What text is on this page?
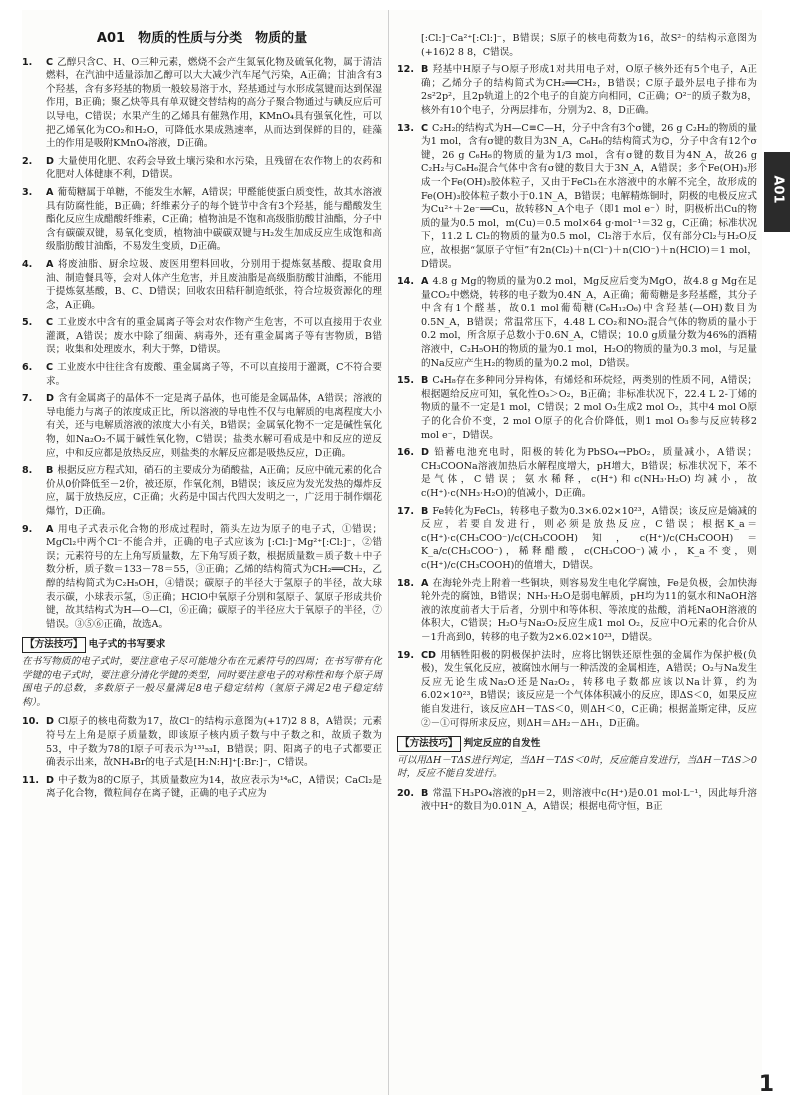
A01　物质的性质与分类　物质的量
1.	C 乙醇只含C、H、O三种元素，燃烧不会产生氮氧化物及硫氧化物，属于清洁燃料，在汽油中适量添加乙醇可以大大减少汽车尾气污染，A正确；甘油含有3个羟基，含有多羟基的物质一般较易溶于水，羟基通过与水形成氢键而达到保湿作用，B正确；聚乙炔等具有单双键交替结构的高分子聚合物通过与碘反应后可以导电，C错误；水果产生的乙烯具有催熟作用，KMnO₄具有强氧化性，可以把乙烯氧化为CO₂和H₂O，可降低水果成熟速率，从而达到保鲜的目的，硅藻土的作用是吸附KMnO₄溶液，D正确。
2.	D 大量使用化肥、农药会导致土壤污染和水污染，且残留在农作物上的农药和化肥对人体健康不利，D错误。
3.	A 葡萄糖属于单糖，不能发生水解，A错误；甲醛能使蛋白质变性，故其水溶液具有防腐性能，B正确；纤维素分子的每个链节中含有3个羟基，能与醋酸发生酯化反应生成醋酸纤维素，C正确；植物油是不饱和高级脂肪酸甘油酯，分子中含有碳碳双键，易氧化变质，植物油中碳碳双键与H₂发生加成反应生成饱和高级脂肪酸甘油酯，不易发生变质，D正确。
4.	A 将废油脂、厨余垃圾、废医用塑料回收，分别用于提炼氨基酸、提取食用油、制造餐具等，会对人体产生危害，并且废油脂是高级脂肪酸甘油酯，不能用于提炼氨基酸，B、C、D错误；回收农田秸秆制造纸张，符合垃圾资源化的理念，A正确。
5.	C 工业废水中含有的重金属离子等会对农作物产生危害，不可以直接用于农业灌溉，A错误；废水中除了细菌、病毒外，还有重金属离子等有害物质，B错误；收集和处理废水，利大于弊，D错误。
6.	C 工业废水中往往含有废酸、重金属离子等，不可以直接用于灌溉，C不符合要求。
7.	D 含有金属离子的晶体不一定是离子晶体，也可能是金属晶体，A错误；溶液的导电能力与离子的浓度成正比，所以溶液的导电性不仅与电解质的电离程度大小有关，还与电解质溶液的浓度大小有关，B错误；金属氧化物不一定是碱性氧化物，如Na₂O₂不属于碱性氧化物，C错误；盐类水解可看成是中和反应的逆反应，中和反应都是放热反应，则盐类的水解反应都是吸热反应，D正确。
8.	B 根据反应方程式知，硝石的主要成分为硝酸盐，A正确；反应中硫元素的化合价从0价降低至－2价，被还原，作氧化剂，B错误；该反应为发光发热的爆炸反应，属于放热反应，C正确；火药是中国古代四大发明之一，广泛用于制作烟花爆竹，D正确。
9.	A 用电子式表示化合物的形成过程时，箭头左边为原子的电子式，①错误；MgCl₂中两个Cl⁻不能合并，正确的电子式应该为 [:Cl:]⁻Mg²⁺[:Cl:]⁻，②错误；元素符号的左上角写质量数，左下角写质子数，根据质量数＝质子数＋中子数分析，质子数＝133－78＝55，③正确；乙烯的结构简式为CH₂══CH₂，乙醇的结构简式为C₂H₅OH，④错误；碳原子的半径大于氢原子的半径，故大球表示碳，小球表示氢，⑤正确；HClO中氧原子分别和氢原子、氯原子形成共价键，故其结构式为H—O—Cl，⑥正确；碳原子的半径应大于氧原子的半径，⑦错误。③⑤⑥正确，故选A。
【方法技巧】 电子式的书写要求
在书写物质的电子式时，要注意电子尽可能地分布在元素符号的四周；在书写带有化学键的电子式时，要注意分清化学键的类型，同时要注意电子的对称性和每个原子周围电子的总数，多数原子一般尽量满足8电子稳定结构（氢原子满足2电子稳定结构）。
10. D Cl原子的核电荷数为17，故Cl⁻的结构示意图为(+17)2 8 8，A错误；元素符号左上角是原子质量数，即该原子核内质子数与中子数之和，故质子数为53，中子数为78的I原子可表示为¹³¹₅₃I，B错误；阴、阳离子的电子式都要正确表示出来，故NH₄Br的电子式是[H:N:H]⁺[:Br:]⁻，C错误。
11. D 中子数为8的C原子，其质量数应为14，故应表示为¹⁴₆C，A错误；CaCl₂是离子化合物，微粒间存在离子键，正确的电子式应为
[:Cl:]⁻Ca²⁺[:Cl:]⁻，B错误；S原子的核电荷数为16，故S²⁻的结构示意图为(+16)2 8 8，C错误。
12. B 羟基中H原子与O原子形成1对共用电子对，O原子核外还有5个电子，A正确；乙烯分子的结构简式为CH₂══CH₂，B错误；C原子最外层电子排布为2s²2p²，且2p轨道上的2个电子的自旋方向相同，C正确；O²⁻的质子数为8，核外有10个电子，分两层排布，分别为2、8，D正确。
13. C C₂H₂的结构式为H—C≡C—H，分子中含有3个σ键，26 g C₂H₂的物质的量为1 mol，含有σ键的数目为3N_A，C₆H₆的结构简式为⌬，分子中含有12个σ键，26 g C₆H₆的物质的量为1/3 mol，含有σ键的数目为4N_A，故26 g C₂H₂与C₆H₆混合气体中含有σ键的数目大于3N_A，A错误；多个Fe(OH)₃形成一个Fe(OH)₃胶体粒子，又由于FeCl₃在水溶液中的水解不完全，故形成的Fe(OH)₃胶体粒子数小于0.1N_A，B错误；电解精炼铜时，阴极的电极反应式为Cu²⁺＋2e⁻══Cu，故转移N_A个电子（即1 mol e⁻）时，阴极析出Cu的物质的量为0.5 mol，m(Cu)＝0.5 mol×64 g·mol⁻¹＝32 g，C正确；标准状况下，11.2 L Cl₂的物质的量为0.5 mol，Cl₂溶于水后，仅有部分Cl₂与H₂O反应，故根据“氯原子守恒”有2n(Cl₂)＋n(Cl⁻)＋n(ClO⁻)＋n(HClO)＝1 mol，D错误。
14. A 4.8 g Mg的物质的量为0.2 mol，Mg反应后变为MgO，故4.8 g Mg在足量CO₂中燃烧，转移的电子数为0.4N_A，A正确；葡萄糖是多羟基醛，其分子中含有1个醛基，故0.1 mol葡萄糖(C₆H₁₂O₆)中含羟基(—OH)数目为0.5N_A，B错误；常温常压下，4.48 L CO₂和NO₂混合气体的物质的量小于0.2 mol，所含原子总数小于0.6N_A，C错误；10.0 g质量分数为46%的酒精溶液中，C₂H₅OH的物质的量为0.1 mol，H₂O的物质的量为0.3 mol，与足量的Na反应产生H₂的物质的量为0.2 mol，D错误。
15. B C₄H₈存在多种同分异构体，有烯烃和环烷烃，两类别的性质不同，A错误；根据题给反应可知，氧化性O₃＞O₂，B正确；非标准状况下，22.4 L 2-丁烯的物质的量不一定是1 mol，C错误；2 mol O₃生成2 mol O₂，其中4 mol O原子的化合价不变，2 mol O原子的化合价降低，则1 mol O₃参与反应转移2 mol e⁻，D错误。
16. D 铅蓄电池充电时，阳极的转化为PbSO₄→PbO₂，质量减小，A错误；CH₃COONa溶液加热后水解程度增大，pH增大，B错误；标准状况下，苯不是气体，C错误；氨水稀释，c(H⁺)和c(NH₃·H₂O)均减小，故c(H⁺)·c(NH₃·H₂O)的值减小，D正确。
17. B Fe转化为FeCl₃，转移电子数为0.3×6.02×10²³，A错误；该反应是熵减的反应，若要自发进行，则必须是放热反应，C错误；根据K_a＝c(H⁺)·c(CH₃COO⁻)/c(CH₃COOH)知，c(H⁺)/c(CH₃COOH)＝K_a/c(CH₃COO⁻)，稀释醋酸，c(CH₃COO⁻)减小，K_a不变，则c(H⁺)/c(CH₃COOH)的值增大，D错误。
18. A 在海轮外壳上附着一些铜块，则容易发生电化学腐蚀，Fe是负极，会加快海轮外壳的腐蚀，B错误；NH₃·H₂O是弱电解质，pH均为11的氨水和NaOH溶液的浓度前者大于后者，分别中和等体积、等浓度的盐酸，消耗NaOH溶液的体积大，C错误；H₂O与Na₂O₂反应生成1 mol O₂，反应中O元素的化合价从－1升高到0，转移的电子数为2×6.02×10²³，D错误。
19. CD 用牺牲阳极的阴极保护法时，应将比钢铁还原性强的金属作为保护极(负极)，发生氧化反应，被腐蚀水闸与一种活泼的金属相连，A错误；O₂与Na发生反应无论生成Na₂O还是Na₂O₂，转移电子数都应该以Na计算，约为6.02×10²³，B错误；该反应是一个气体体积减小的反应，即ΔS＜0，如果反应能自发进行，该反应ΔH－TΔS＜0，则ΔH＜0，C正确；根据盖斯定律，反应②－①可得所求反应，则ΔH＝ΔH₂－ΔH₁，D正确。
【方法技巧】 判定反应的自发性
可以用ΔH－TΔS进行判定，当ΔH－TΔS＜0时，反应能自发进行，当ΔH－TΔS＞0时，反应不能自发进行。
20. B 常温下H₃PO₄溶液的pH＝2，则溶液中c(H⁺)是0.01 mol·L⁻¹，因此每升溶液中H⁺的数目为0.01N_A，A错误；根据电荷守恒，B正
A01
1
